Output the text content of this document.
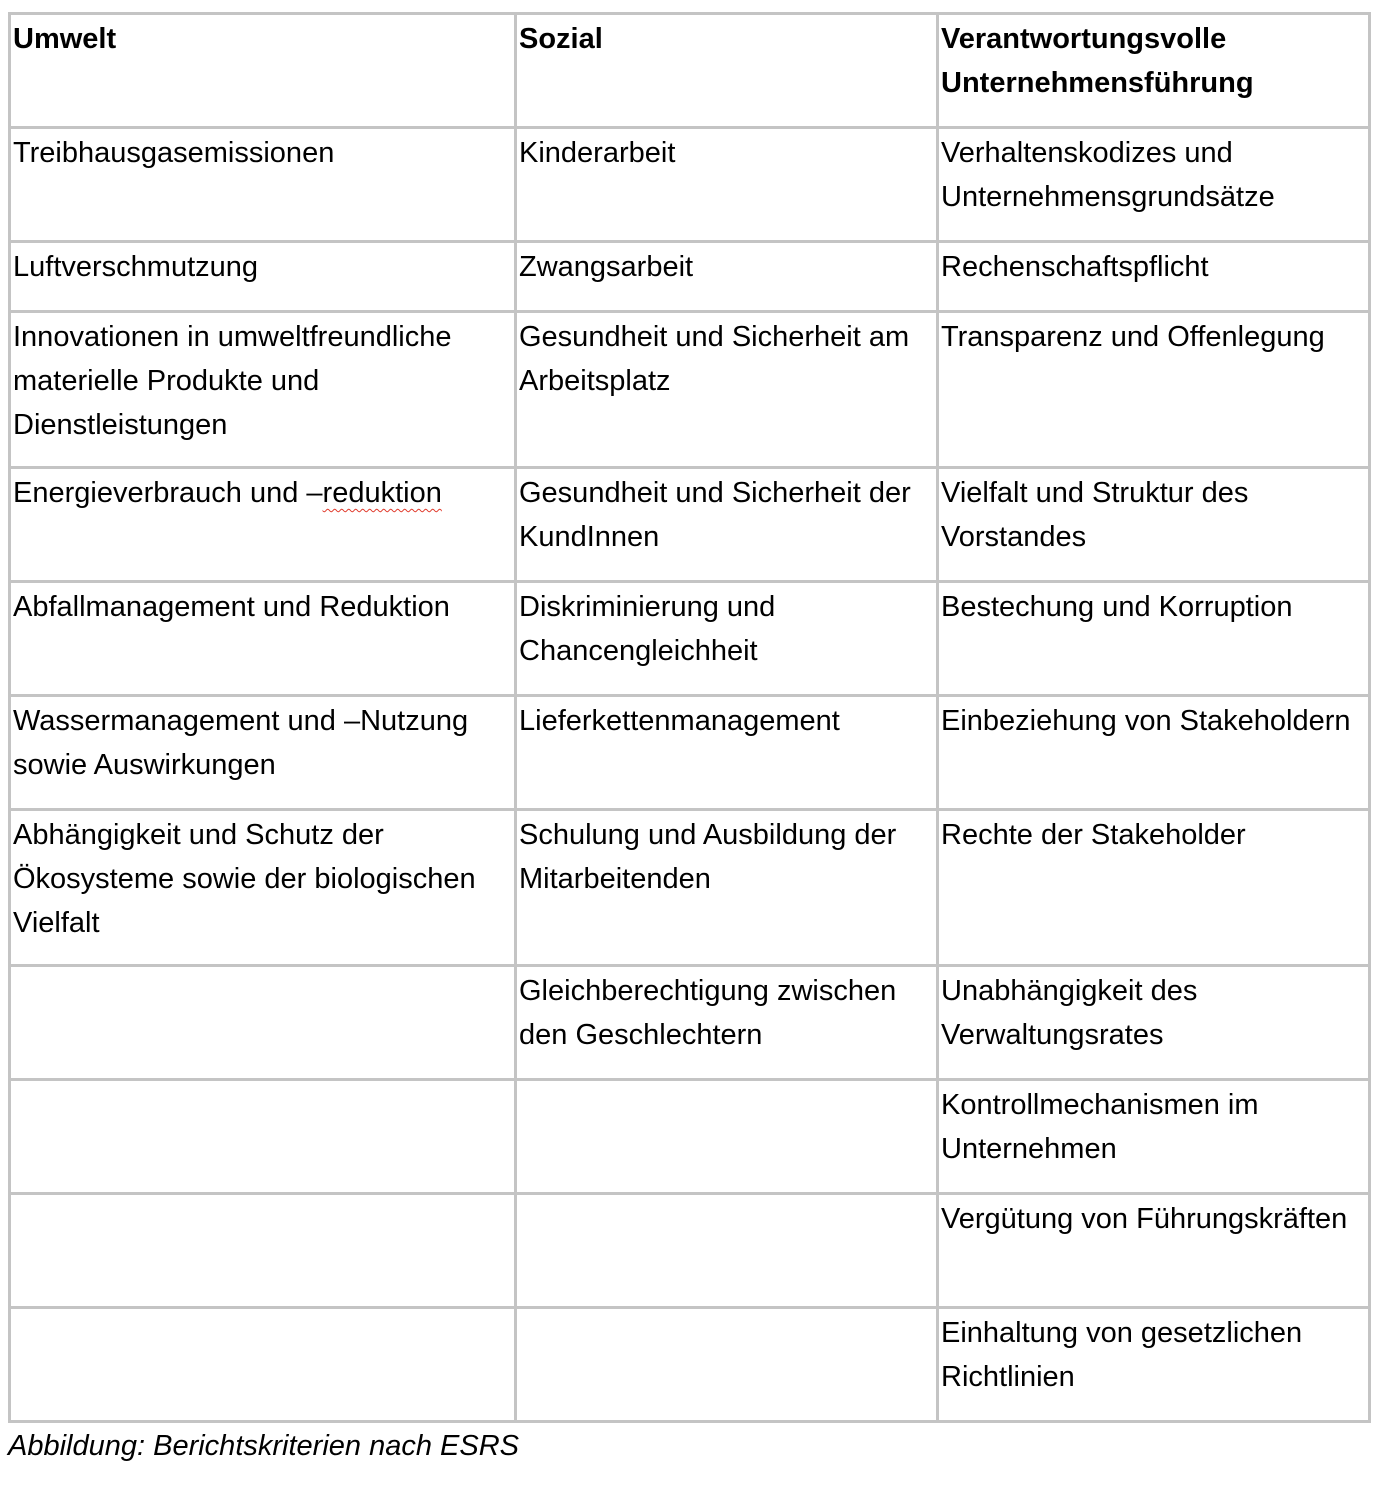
Umwelt	Sozial	Verantwortungsvolle Unternehmensführung
Treibhausgasemissionen	Kinderarbeit	Verhaltenskodizes und Unternehmensgrundsätze
Luftverschmutzung	Zwangsarbeit	Rechenschaftspflicht
Innovationen in umweltfreundliche materielle Produkte und Dienstleistungen	Gesundheit und Sicherheit am Arbeitsplatz	Transparenz und Offenlegung
Energieverbrauch und –reduktion	Gesundheit und Sicherheit der KundInnen	Vielfalt und Struktur des Vorstandes
Abfallmanagement und Reduktion	Diskriminierung und Chancengleichheit	Bestechung und Korruption
Wassermanagement und –Nutzung sowie Auswirkungen	Lieferkettenmanagement	Einbeziehung von Stakeholdern
Abhängigkeit und Schutz der Ökosysteme sowie der biologischen Vielfalt	Schulung und Ausbildung der Mitarbeitenden	Rechte der Stakeholder
	Gleichberechtigung zwischen den Geschlechtern	Unabhängigkeit des Verwaltungsrates
		Kontrollmechanismen im Unternehmen
		Vergütung von Führungskräften
		Einhaltung von gesetzlichen Richtlinien
Abbildung: Berichtskriterien nach ESRS
